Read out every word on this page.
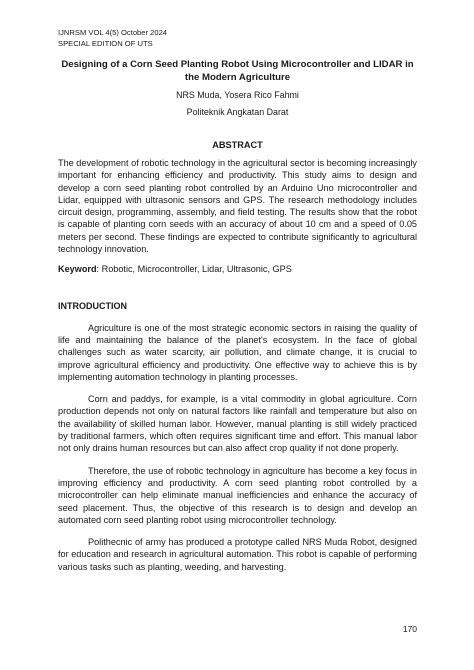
IJNRSM VOL 4(5) October 2024
SPECIAL EDITION OF UTS
Designing of a Corn Seed Planting Robot Using Microcontroller and LIDAR in the Modern Agriculture
NRS Muda, Yosera Rico Fahmi
Politeknik Angkatan Darat
ABSTRACT
The development of robotic technology in the agricultural sector is becoming increasingly important for enhancing efficiency and productivity. This study aims to design and develop a corn seed planting robot controlled by an Arduino Uno microcontroller and Lidar, equipped with ultrasonic sensors and GPS. The research methodology includes circuit design, programming, assembly, and field testing. The results show that the robot is capable of planting corn seeds with an accuracy of about 10 cm and a speed of 0.05 meters per second. These findings are expected to contribute significantly to agricultural technology innovation.
Keyword: Robotic, Microcontroller, Lidar, Ultrasonic, GPS
INTRODUCTION
Agriculture is one of the most strategic economic sectors in raising the quality of life and maintaining the balance of the planet's ecosystem. In the face of global challenges such as water scarcity, air pollution, and climate change, it is crucial to improve agricultural efficiency and productivity. One effective way to achieve this is by implementing automation technology in planting processes.
Corn and paddys, for example, is a vital commodity in global agriculture. Corn production depends not only on natural factors like rainfall and temperature but also on the availability of skilled human labor. However, manual planting is still widely practiced by traditional farmers, which often requires significant time and effort. This manual labor not only drains human resources but can also affect crop quality if not done properly.
Therefore, the use of robotic technology in agriculture has become a key focus in improving efficiency and productivity. A corn seed planting robot controlled by a microcontroller can help eliminate manual inefficiencies and enhance the accuracy of seed placement. Thus, the objective of this research is to design and develop an automated corn seed planting robot using microcontroller technology.
Polithecnic of army has produced a prototype called NRS Muda Robot, designed for education and research in agricultural automation. This robot is capable of performing various tasks such as planting, weeding, and harvesting.
170
